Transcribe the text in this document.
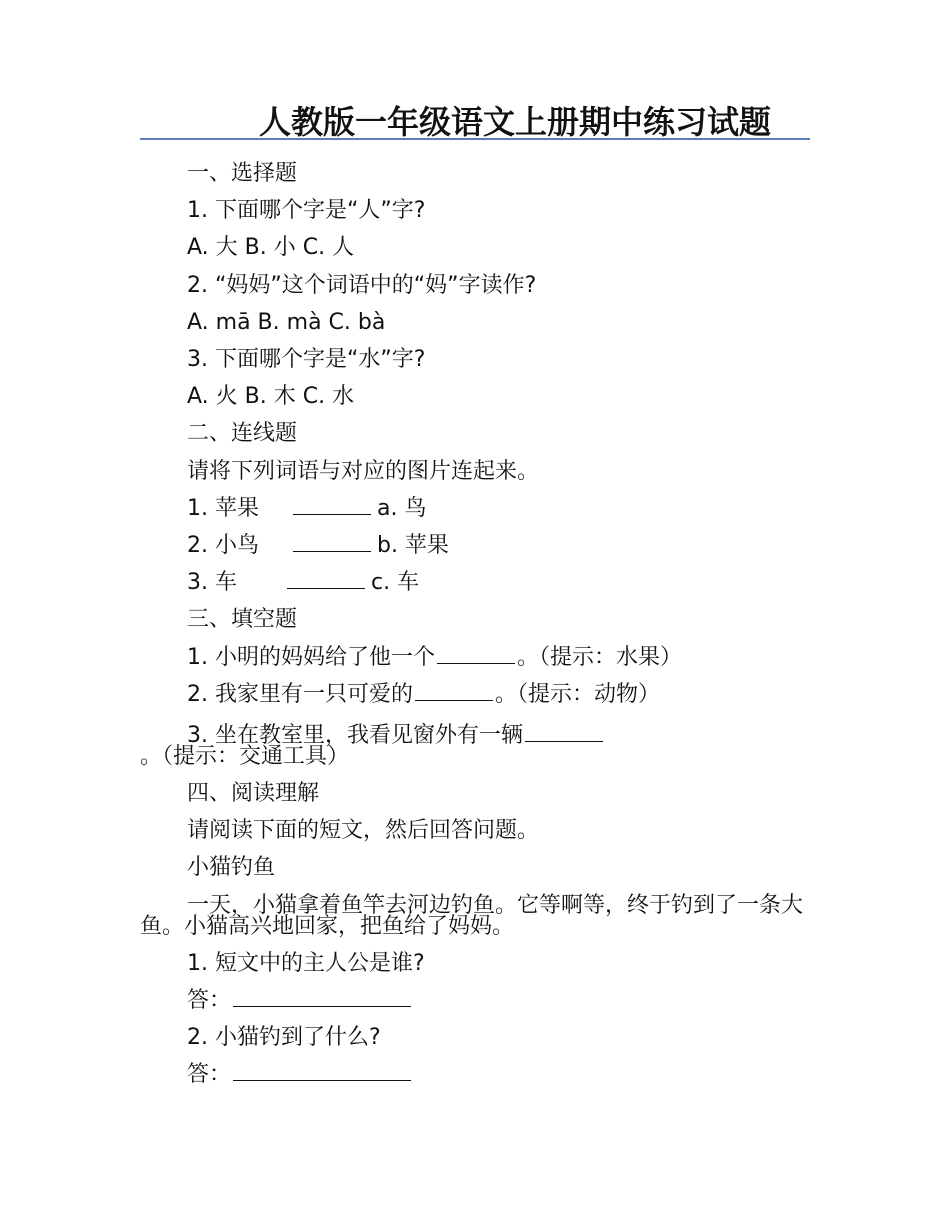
人教版一年级语文上册期中练习试题
一、选择题
1. 下面哪个字是“人”字?
A. 大 B. 小 C. 人
2. “妈妈”这个词语中的“妈”字读作?
A. mā B. mà C. bà
3. 下面哪个字是“水”字?
A. 火 B. 木 C. 水
二、连线题
请将下列词语与对应的图片连起来。
1. 苹果	a. 鸟
2. 小鸟	b. 苹果
3. 车	c. 车
三、填空题
1. 小明的妈妈给了他一个	。（提示：水果）
2. 我家里有一只可爱的	。（提示：动物）
3. 坐在教室里，我看见窗外有一辆。（提示：交通工具）
四、阅读理解
请阅读下面的短文，然后回答问题。
小猫钓鱼
一天，小猫拿着鱼竿去河边钓鱼。它等啊等，终于钓到了一条大鱼。小猫高兴地回家，把鱼给了妈妈。
1. 短文中的主人公是谁?
答：
2. 小猫钓到了什么?
答：
